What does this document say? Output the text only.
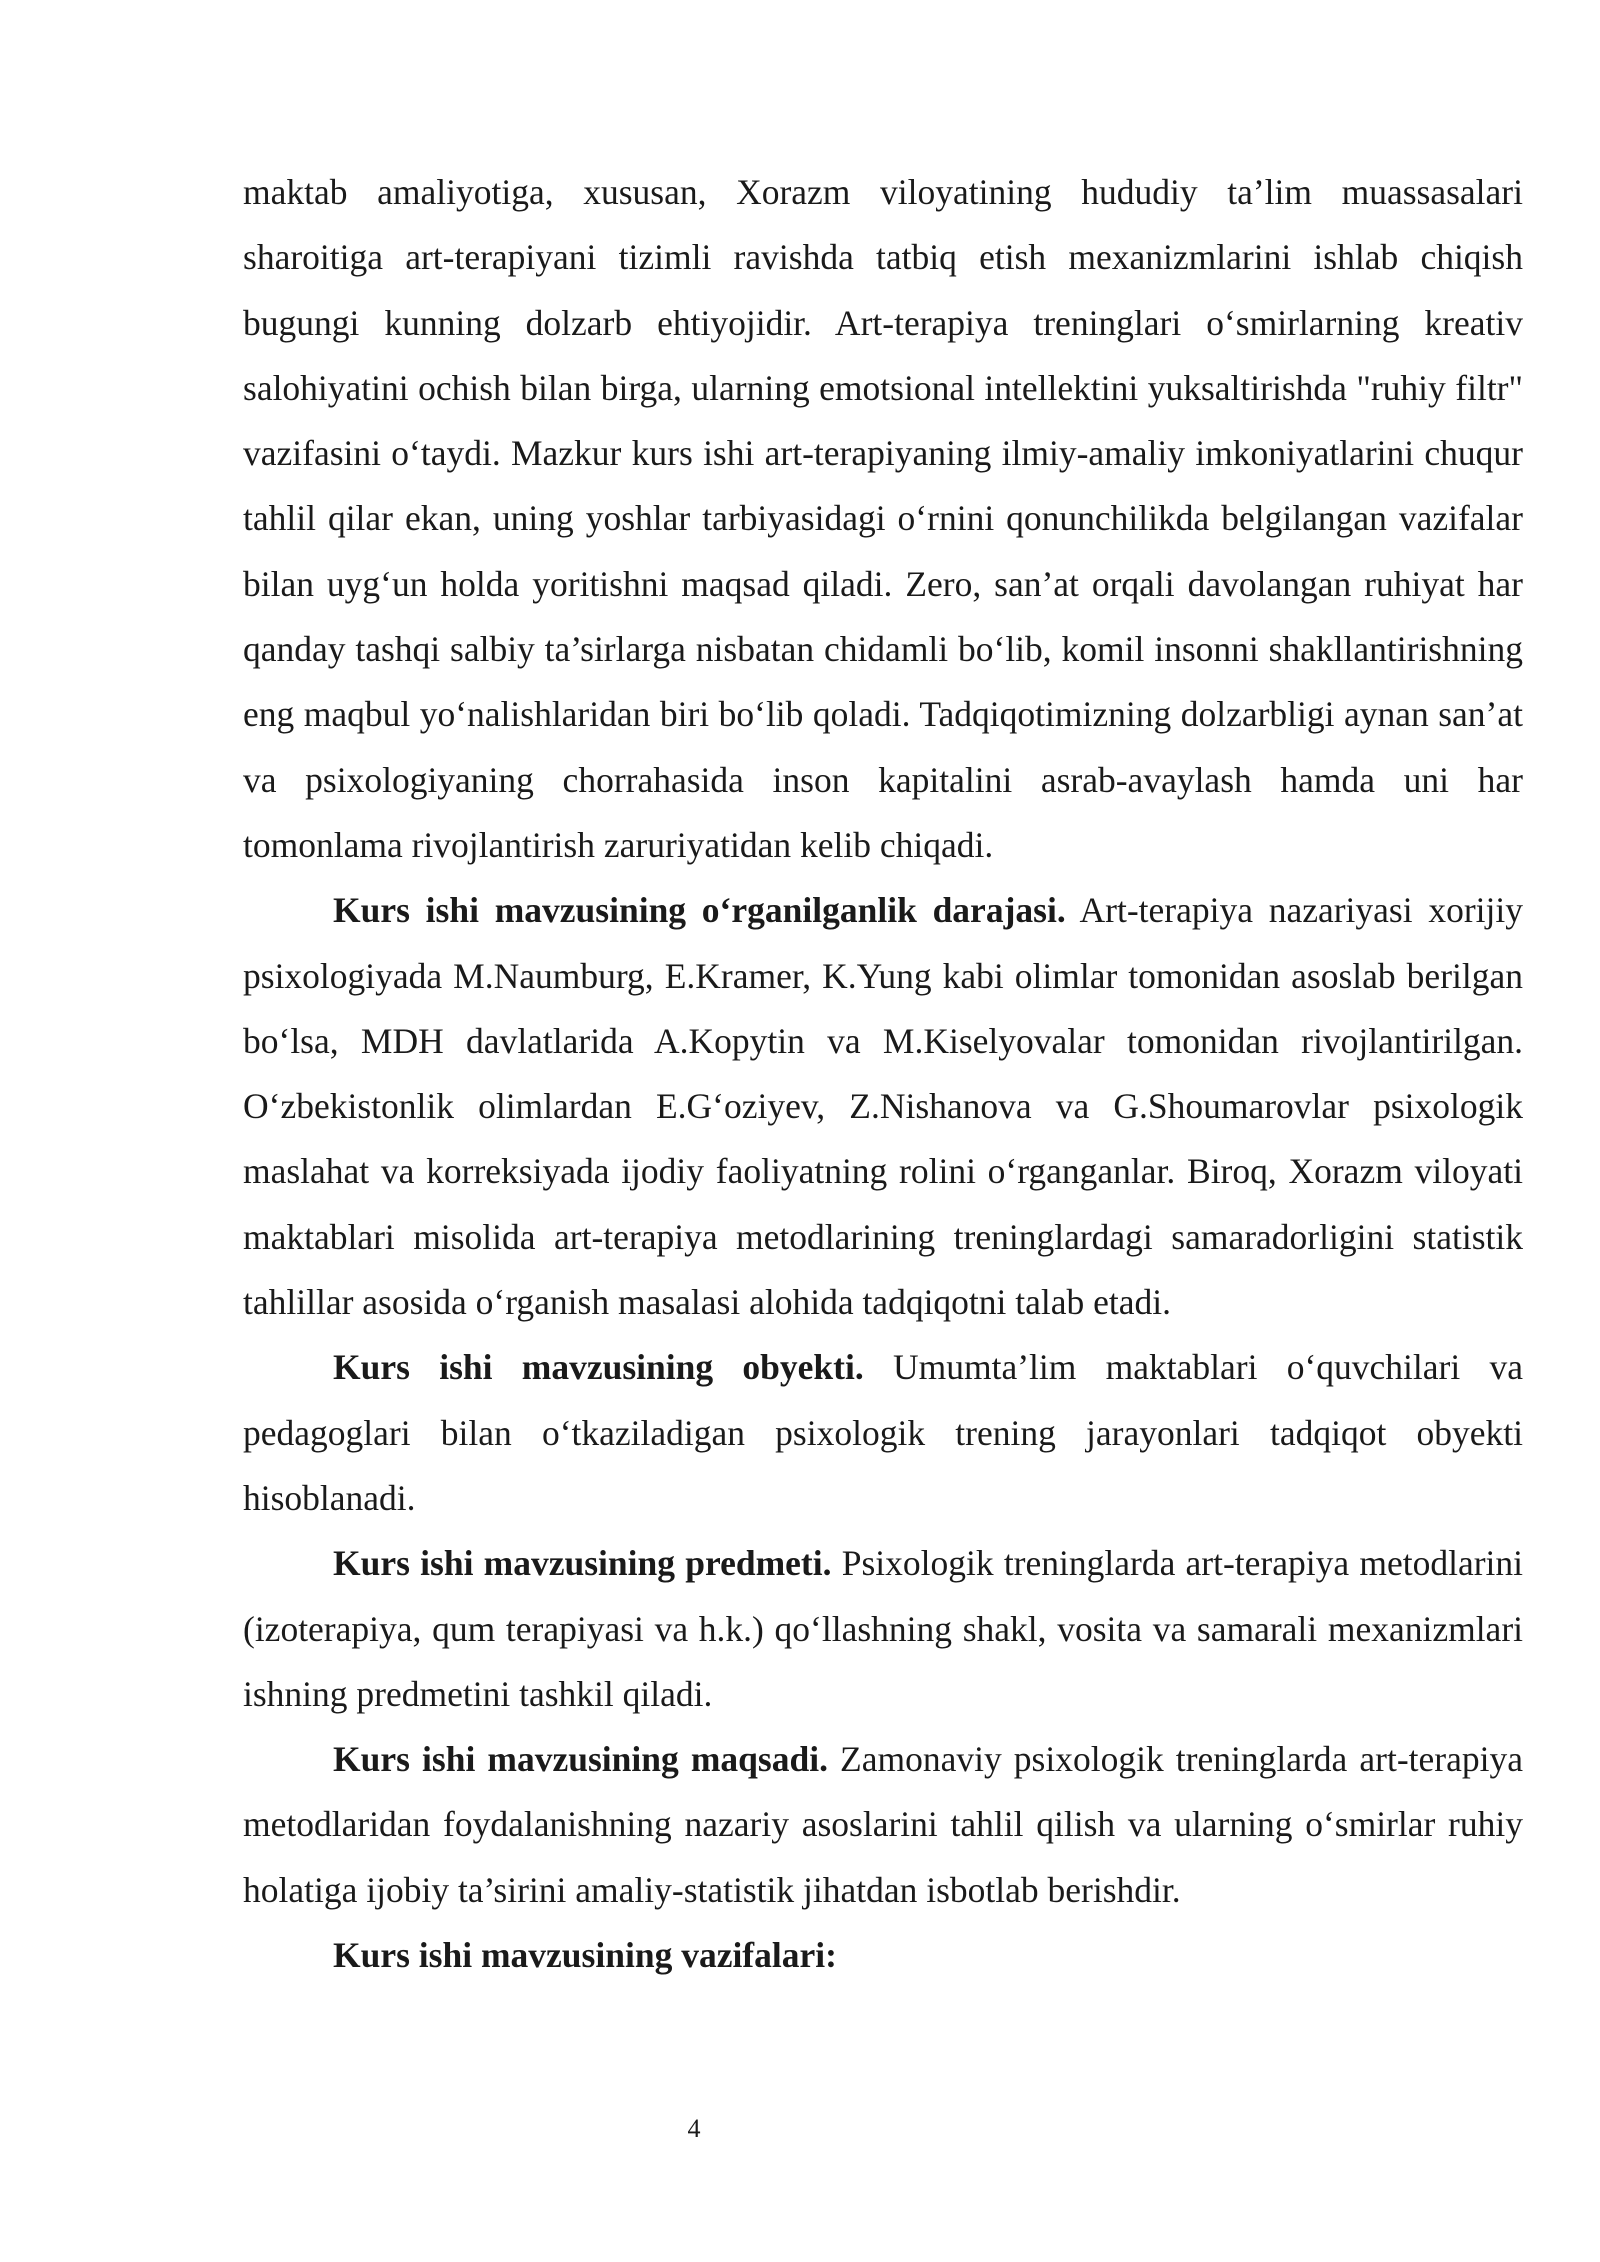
maktab amaliyotiga, xususan, Xorazm viloyatining hududiy ta’lim muassasalari sharoitiga art-terapiyani tizimli ravishda tatbiq etish mexanizmlarini ishlab chiqish bugungi kunning dolzarb ehtiyojidir. Art-terapiya treninglari o‘smirlarning kreativ salohiyatini ochish bilan birga, ularning emotsional intellektini yuksaltirishda "ruhiy filtr" vazifasini o‘taydi. Mazkur kurs ishi art-terapiyaning ilmiy-amaliy imkoniyatlarini chuqur tahlil qilar ekan, uning yoshlar tarbiyasidagi o‘rnini qonunchilikda belgilangan vazifalar bilan uyg‘un holda yoritishni maqsad qiladi. Zero, san’at orqali davolangan ruhiyat har qanday tashqi salbiy ta’sirlarga nisbatan chidamli bo‘lib, komil insonni shakllantirishning eng maqbul yo‘nalishlaridan biri bo‘lib qoladi. Tadqiqotimizning dolzarbligi aynan san’at va psixologiyaning chorrahasida inson kapitalini asrab-avaylash hamda uni har tomonlama rivojlantirish zaruriyatidan kelib chiqadi.

Kurs ishi mavzusining o‘rganilganlik darajasi. Art-terapiya nazariyasi xorijiy psixologiyada M.Naumburg, E.Kramer, K.Yung kabi olimlar tomonidan asoslab berilgan bo‘lsa, MDH davlatlarida A.Kopytin va M.Kiselyovalar tomonidan rivojlantirilgan. O‘zbekistonlik olimlardan E.G‘oziyev, Z.Nishanova va G.Shoumarovlar psixologik maslahat va korreksiyada ijodiy faoliyatning rolini o‘rganganlar. Biroq, Xorazm viloyati maktablari misolida art-terapiya metodlarining treninglardagi samaradorligini statistik tahlillar asosida o‘rganish masalasi alohida tadqiqotni talab etadi.

Kurs ishi mavzusining obyekti. Umumta’lim maktablari o‘quvchilari va pedagoglari bilan o‘tkaziladigan psixologik trening jarayonlari tadqiqot obyekti hisoblanadi.

Kurs ishi mavzusining predmeti. Psixologik treninglarda art-terapiya metodlarini (izoterapiya, qum terapiyasi va h.k.) qo‘llashning shakl, vosita va samarali mexanizmlari ishning predmetini tashkil qiladi.

Kurs ishi mavzusining maqsadi. Zamonaviy psixologik treninglarda art-terapiya metodlaridan foydalanishning nazariy asoslarini tahlil qilish va ularning o‘smirlar ruhiy holatiga ijobiy ta’sirini amaliy-statistik jihatdan isbotlab berishdir.

Kurs ishi mavzusining vazifalari:

4
